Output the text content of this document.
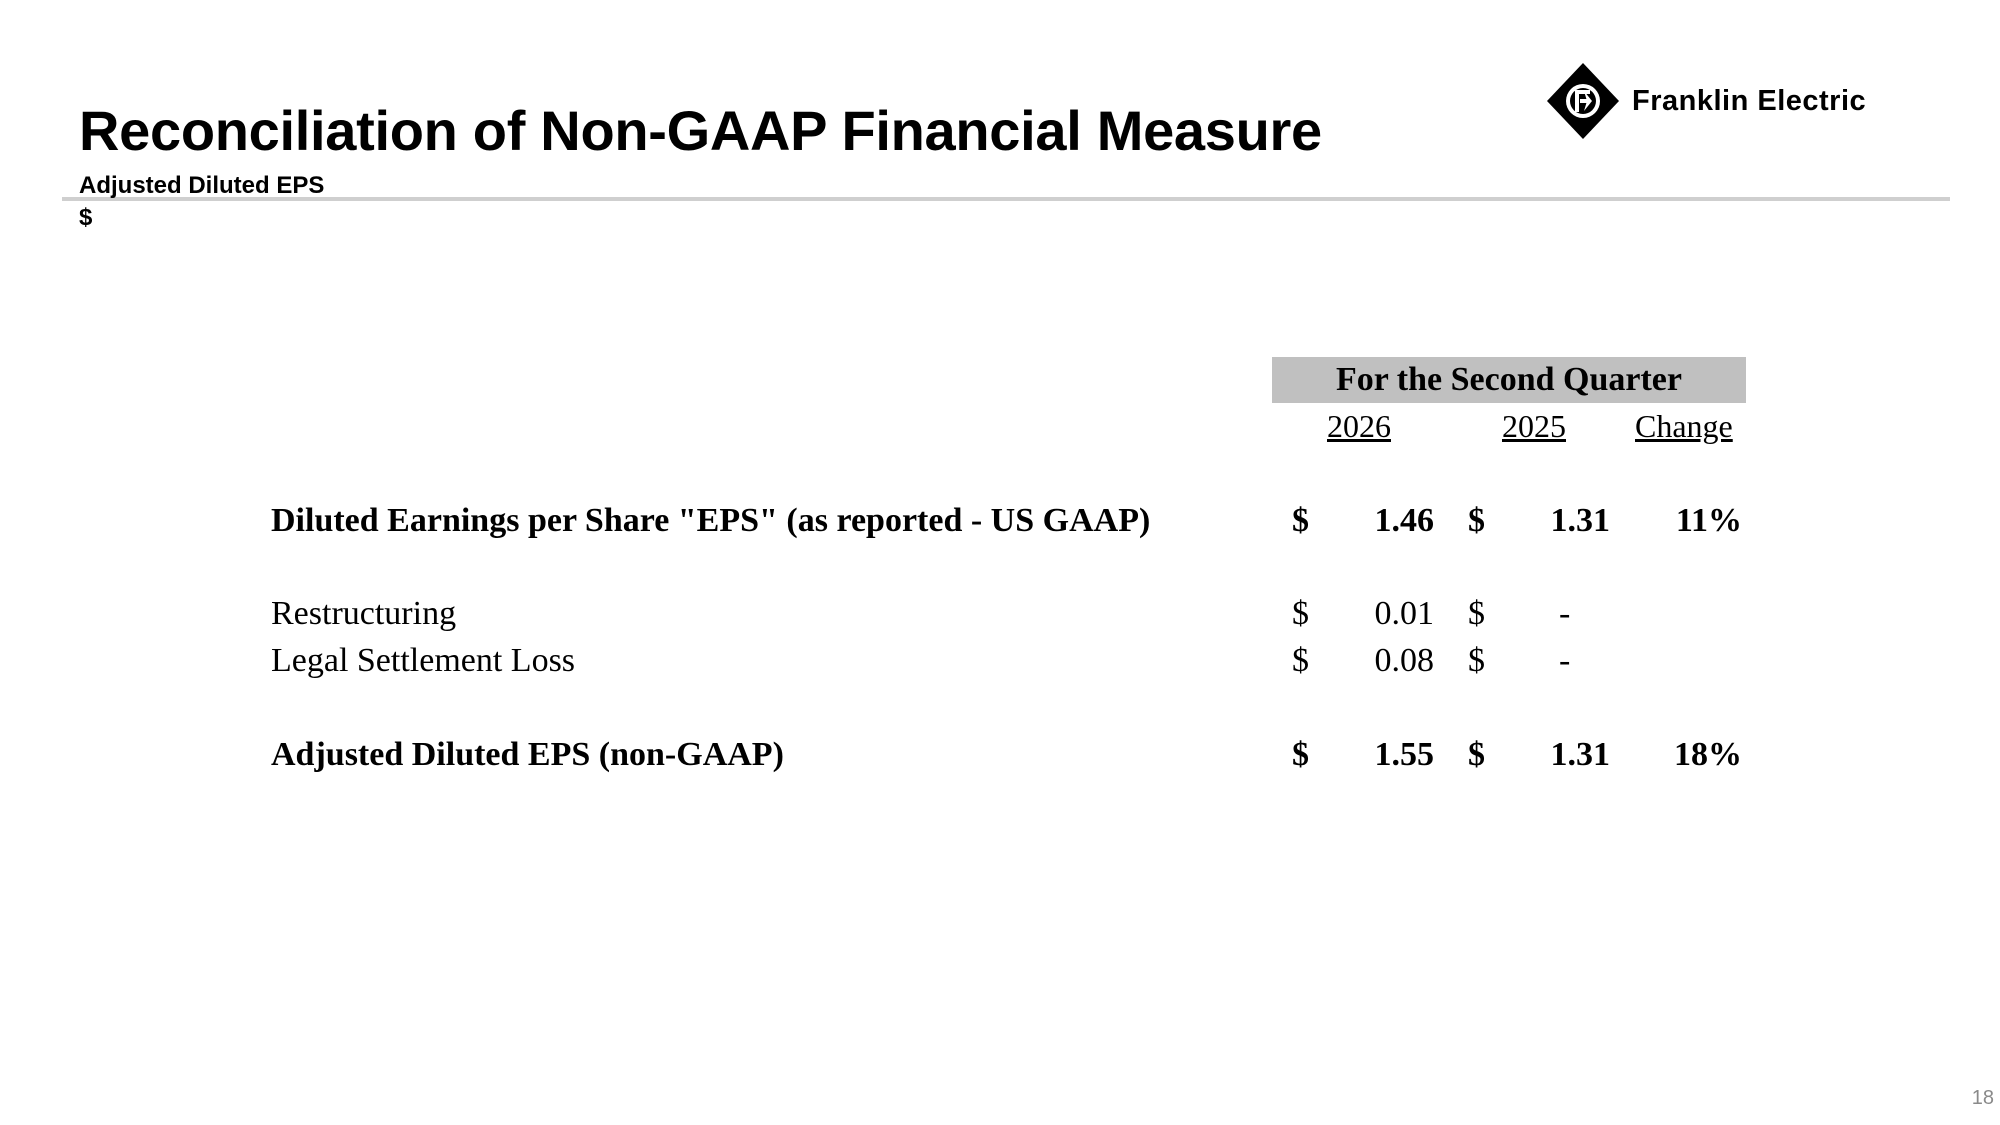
Reconciliation of Non-GAAP Financial Measure
Adjusted Diluted EPS
$
Franklin Electric
For the Second Quarter
2026	2025 Change
Diluted Earnings per Share "EPS" (as reported - US GAAP)	$ 1.46 $ 1.31 11%
Restructuring	$ 0.01 $ -
Legal Settlement Loss	$ 0.08 $ -
Adjusted Diluted EPS (non-GAAP)	$ 1.55 $ 1.31 18%
18
